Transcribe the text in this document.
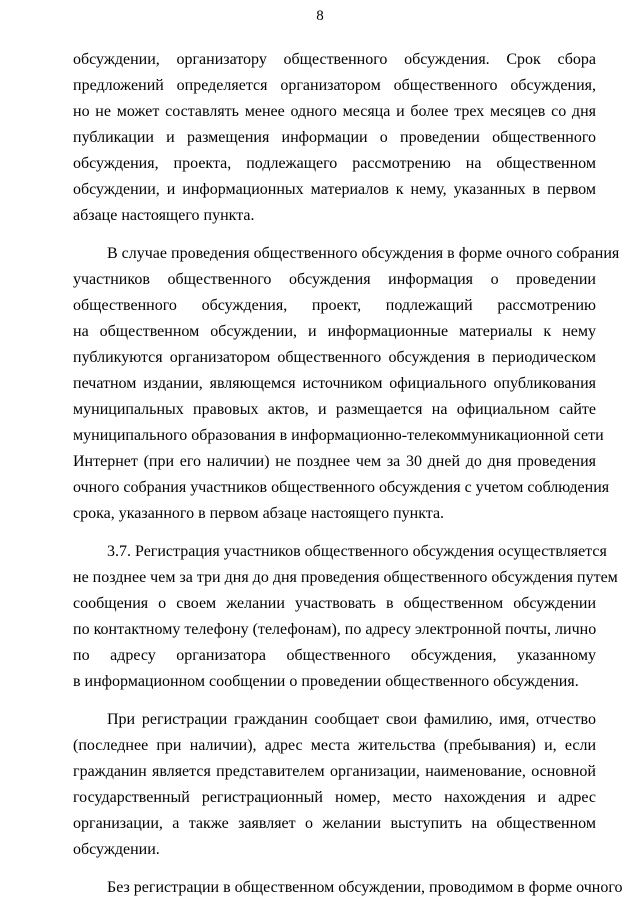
8

обсуждении, организатору общественного обсуждения. Срок сбора
предложений определяется организатором общественного обсуждения,
но не может составлять менее одного месяца и более трех месяцев со дня
публикации и размещения информации о проведении общественного
обсуждения, проекта, подлежащего рассмотрению на общественном
обсуждении, и информационных материалов к нему, указанных в первом
абзаце настоящего пункта.

В случае проведения общественного обсуждения в форме очного собрания
участников общественного обсуждения информация о проведении
общественного обсуждения, проект, подлежащий рассмотрению
на общественном обсуждении, и информационные материалы к нему
публикуются организатором общественного обсуждения в периодическом
печатном издании, являющемся источником официального опубликования
муниципальных правовых актов, и размещается на официальном сайте
муниципального образования в информационно-телекоммуникационной сети
Интернет (при его наличии) не позднее чем за 30 дней до дня проведения
очного собрания участников общественного обсуждения с учетом соблюдения
срока, указанного в первом абзаце настоящего пункта.

3.7. Регистрация участников общественного обсуждения осуществляется
не позднее чем за три дня до дня проведения общественного обсуждения путем
сообщения о своем желании участвовать в общественном обсуждении
по контактному телефону (телефонам), по адресу электронной почты, лично
по адресу организатора общественного обсуждения, указанному
в информационном сообщении о проведении общественного обсуждения.

При регистрации гражданин сообщает свои фамилию, имя, отчество
(последнее при наличии), адрес места жительства (пребывания) и, если
гражданин является представителем организации, наименование, основной
государственный регистрационный номер, место нахождения и адрес
организации, а также заявляет о желании выступить на общественном
обсуждении.

Без регистрации в общественном обсуждении, проводимом в форме очного
